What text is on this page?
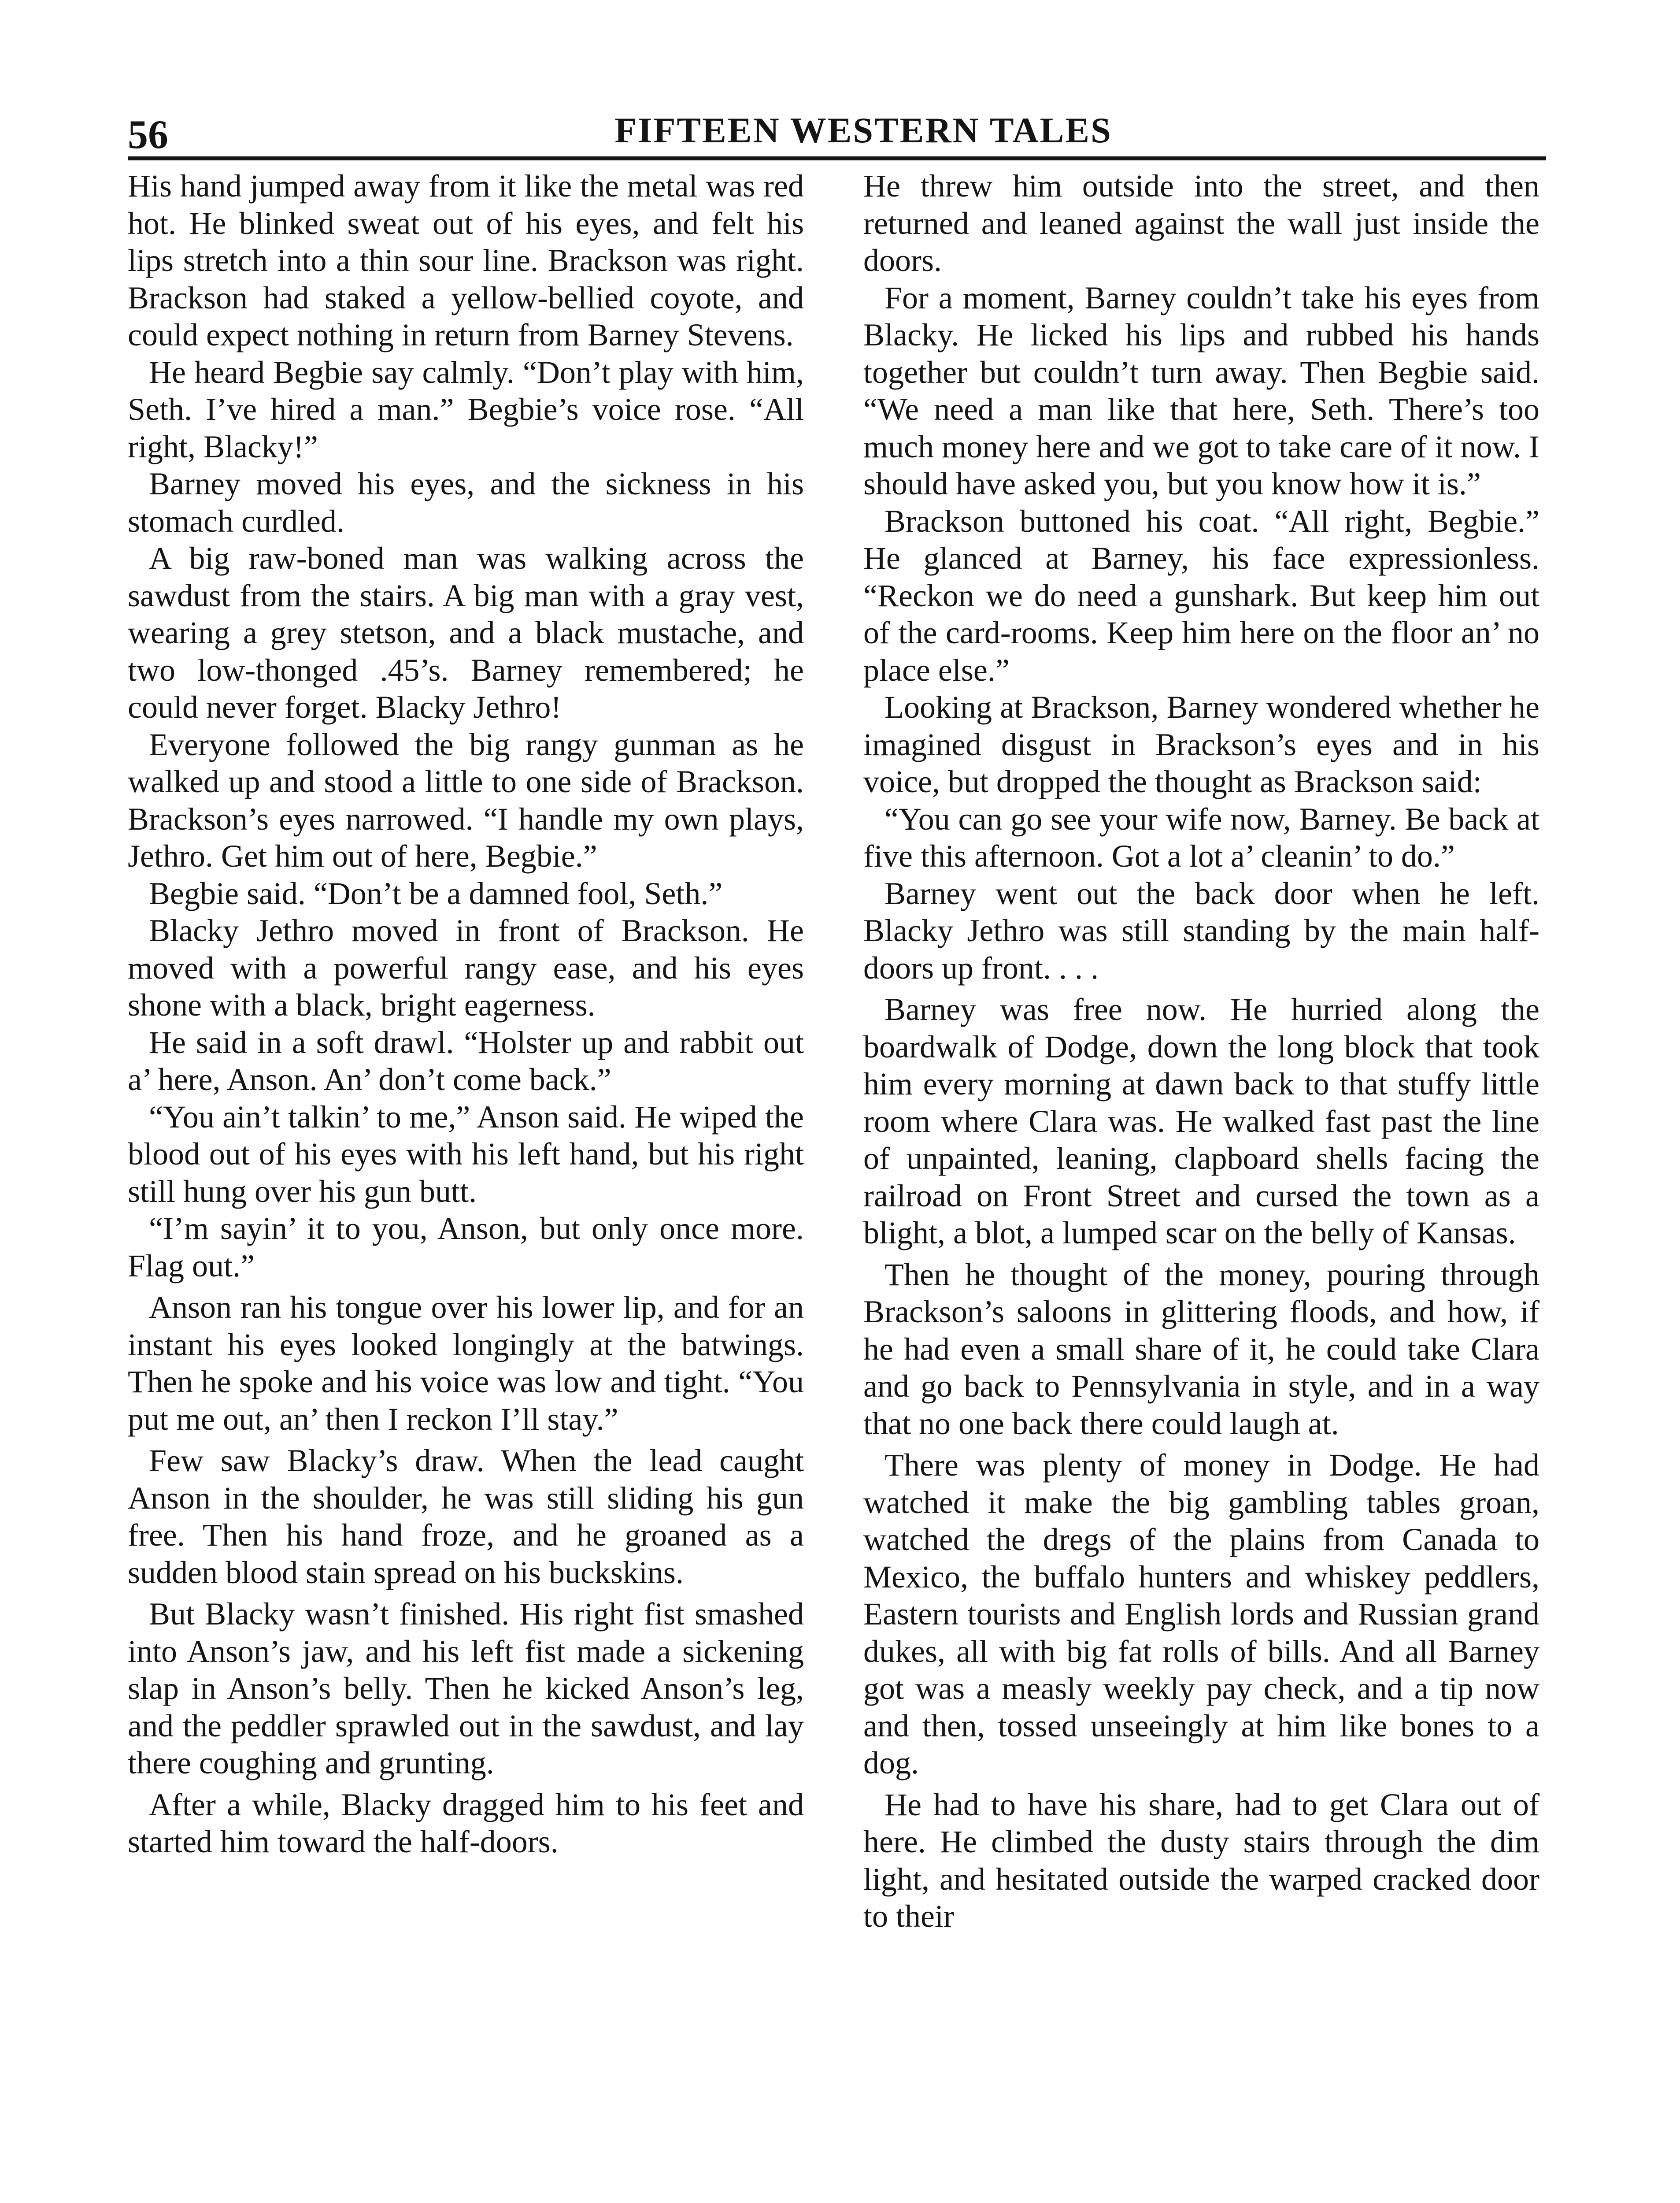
56	FIFTEEN WESTERN TALES

His hand jumped away from it like the metal was red hot. He blinked sweat out of his eyes, and felt his lips stretch into a thin sour line. Brackson was right. Brackson had staked a yellow-bellied coyote, and could expect nothing in return from Barney Stevens.

He heard Begbie say calmly. “Don’t play with him, Seth. I’ve hired a man.” Begbie’s voice rose. “All right, Blacky!”

Barney moved his eyes, and the sickness in his stomach curdled.

A big raw-boned man was walking across the sawdust from the stairs. A big man with a gray vest, wearing a grey stetson, and a black mustache, and two low-thonged .45’s. Barney remembered; he could never forget. Blacky Jethro!

Everyone followed the big rangy gunman as he walked up and stood a little to one side of Brackson. Brackson’s eyes narrowed. “I handle my own plays, Jethro. Get him out of here, Begbie.”

Begbie said. “Don’t be a damned fool, Seth.”

Blacky Jethro moved in front of Brackson. He moved with a powerful rangy ease, and his eyes shone with a black, bright eagerness.

He said in a soft drawl. “Holster up and rabbit out a’ here, Anson. An’ don’t come back.”

“You ain’t talkin’ to me,” Anson said. He wiped the blood out of his eyes with his left hand, but his right still hung over his gun butt.

“I’m sayin’ it to you, Anson, but only once more. Flag out.”

Anson ran his tongue over his lower lip, and for an instant his eyes looked longingly at the batwings. Then he spoke and his voice was low and tight. “You put me out, an’ then I reckon I’ll stay.”

Few saw Blacky’s draw. When the lead caught Anson in the shoulder, he was still sliding his gun free. Then his hand froze, and he groaned as a sudden blood stain spread on his buckskins.

But Blacky wasn’t finished. His right fist smashed into Anson’s jaw, and his left fist made a sickening slap in Anson’s belly. Then he kicked Anson’s leg, and the peddler sprawled out in the sawdust, and lay there coughing and grunting.

After a while, Blacky dragged him to his feet and started him toward the half-doors.

He threw him outside into the street, and then returned and leaned against the wall just inside the doors.

For a moment, Barney couldn’t take his eyes from Blacky. He licked his lips and rubbed his hands together but couldn’t turn away. Then Begbie said. “We need a man like that here, Seth. There’s too much money here and we got to take care of it now. I should have asked you, but you know how it is.”

Brackson buttoned his coat. “All right, Begbie.” He glanced at Barney, his face expressionless. “Reckon we do need a gunshark. But keep him out of the card-rooms. Keep him here on the floor an’ no place else.”

Looking at Brackson, Barney wondered whether he imagined disgust in Brackson’s eyes and in his voice, but dropped the thought as Brackson said:

“You can go see your wife now, Barney. Be back at five this afternoon. Got a lot a’ cleanin’ to do.”

Barney went out the back door when he left. Blacky Jethro was still standing by the main half-doors up front. . . .

Barney was free now. He hurried along the boardwalk of Dodge, down the long block that took him every morning at dawn back to that stuffy little room where Clara was. He walked fast past the line of unpainted, leaning, clapboard shells facing the railroad on Front Street and cursed the town as a blight, a blot, a lumped scar on the belly of Kansas.

Then he thought of the money, pouring through Brackson’s saloons in glittering floods, and how, if he had even a small share of it, he could take Clara and go back to Pennsylvania in style, and in a way that no one back there could laugh at.

There was plenty of money in Dodge. He had watched it make the big gambling tables groan, watched the dregs of the plains from Canada to Mexico, the buffalo hunters and whiskey peddlers, Eastern tourists and English lords and Russian grand dukes, all with big fat rolls of bills. And all Barney got was a measly weekly pay check, and a tip now and then, tossed unseeingly at him like bones to a dog.

He had to have his share, had to get Clara out of here. He climbed the dusty stairs through the dim light, and hesitated outside the warped cracked door to their
